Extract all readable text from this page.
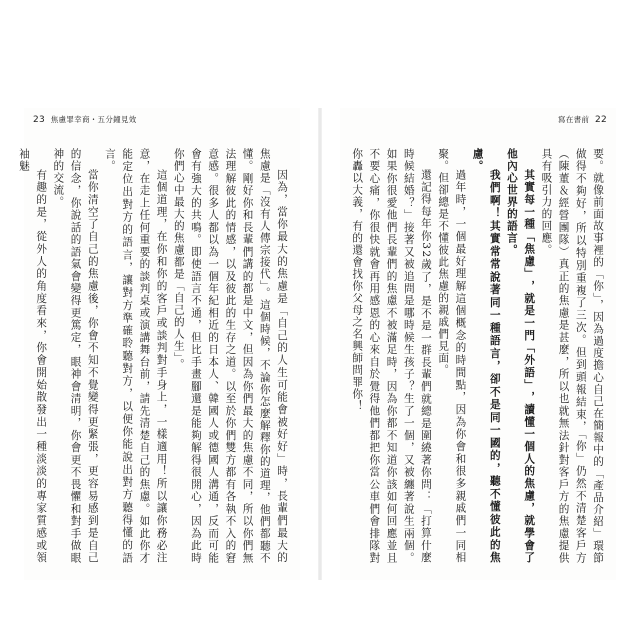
23 焦慮罪幸商・五分鐘見效

因為，當你最大的焦慮是「自己的人生可能會被好好」時，長輩們最大的焦慮是「沒有人傳宗接代」。這個時候，不論你怎麼解釋你的道理，他們都聽不懂。剛好你和長輩們講的都是中文，但因為你們最大的焦慮不同，所以你們無法理解彼此的情感，以及彼此的生存之道。以至於你們雙方都有各執不入的窘意感。很多人都以為一個年紀相近的日本人、韓國人或德國人溝通，反而可能會有強大的共鳴。即使語言不通，但比手畫腳還是能夠解得很開心，因為此時你們心中最大的焦慮都是「自己的人生」。

這個道理，在你和你的客戶或談判對手身上，一樣適用！所以讓你務必注意，在走上任何重要的談判桌或演講舞台前，請先清楚自己的焦慮。如此你才能定位出對方的語言，讓對方準確聆聽對方，以便你能說出對方聽得懂的語言。

當你清空了自己的焦慮後，你會不知不覺變得更緊張，更容易感到是自己的信念，你說話的語氣會變得更篤定，眼神會清明，你會更不畏懼和對手做眼神的交流。

有趣的是，從外人的角度看來，你會開始散發出一種淡淡的專家質感或領袖魅

寫在書前 22

要。就像前面故事裡的「你」，因為過度擔心自己在簡報中的「產品介紹」環節做得不夠好，所以特別重複了三次。但到頭報結束，「你」仍然不清楚客戶方（陳董＆經營團隊）真正的焦慮是甚麼，所以也就無法針對客戶方的焦慮提供具有吸引力的回應。

其實每一種「焦慮」，就是一門「外語」，讀懂一個人的焦慮，就學會了他內心世界的語言。

我們啊！其實常常說著同一種語言，卻不是同一國的，聽不懂彼此的焦慮。

過年時，一個最好理解這個概念的時間點，因為你會和很多親戚們一同相聚。但卻總是不懂彼此焦慮的親戚們見面。

還記得每年你32歲了，是不是一群長輩們就總是圍繞著你問：「打算什麼時候結婚？」接著又被追問是哪時候生孩子？生了一個，又被纏著說生兩個。如果你很愛他們長輩們的焦慮不被滿足時，因為你都不知道你該如何回應並且不要心痛，你很快就會再用感恩的心來自於覺得他們都把你當公車們會排隊對你轟以大義，有的還會找你父母之名興師問罪你！
